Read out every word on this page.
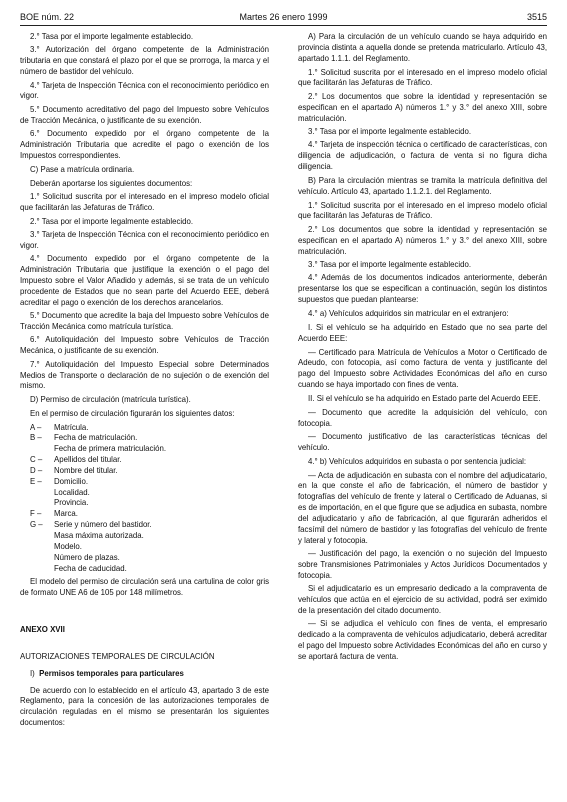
BOE núm. 22	Martes 26 enero 1999	3515

2.° Tasa por el importe legalmente establecido.

3.° Autorización del órgano competente de la Administración tributaria en que constará el plazo por el que se prorroga, la marca y el número de bastidor del vehículo.

4.° Tarjeta de Inspección Técnica con el reconocimiento periódico en vigor.

5.° Documento acreditativo del pago del Impuesto sobre Vehículos de Tracción Mecánica, o justificante de su exención.

6.° Documento expedido por el órgano competente de la Administración Tributaria que acredite el pago o exención de los Impuestos correspondientes.

C) Pase a matrícula ordinaria.

Deberán aportarse los siguientes documentos:

1.° Solicitud suscrita por el interesado en el impreso modelo oficial que facilitarán las Jefaturas de Tráfico.

2.° Tasa por el importe legalmente establecido.

3.° Tarjeta de Inspección Técnica con el reconocimiento periódico en vigor.

4.° Documento expedido por el órgano competente de la Administración Tributaria que justifique la exención o el pago del Impuesto sobre el Valor Añadido y además, si se trata de un vehículo procedente de Estados que no sean parte del Acuerdo EEE, deberá acreditar el pago o exención de los derechos arancelarios.

5.° Documento que acredite la baja del Impuesto sobre Vehículos de Tracción Mecánica como matrícula turística.

6.° Autoliquidación del Impuesto sobre Vehículos de Tracción Mecánica, o justificante de su exención.

7.° Autoliquidación del Impuesto Especial sobre Determinados Medios de Transporte o declaración de no sujeción o de exención del mismo.

D) Permiso de circulación (matrícula turística).

En el permiso de circulación figurarán los siguientes datos:

A –	Matrícula.
B –	Fecha de matriculación.
Fecha de primera matriculación.
C –	Apellidos del titular.
D –	Nombre del titular.
E –	Domicilio.
Localidad.
Provincia.
F –	Marca.
G –	Serie y número del bastidor.
Masa máxima autorizada.
Modelo.
Número de plazas.
Fecha de caducidad.

El modelo del permiso de circulación será una cartulina de color gris de formato UNE A6 de 105 por 148 milímetros.

ANEXO XVII

AUTORIZACIONES TEMPORALES DE CIRCULACIÓN

I) Permisos temporales para particulares

De acuerdo con lo establecido en el artículo 43, apartado 3 de este Reglamento, para la concesión de las autorizaciones temporales de circulación reguladas en el mismo se presentarán los siguientes documentos:

A) Para la circulación de un vehículo cuando se haya adquirido en provincia distinta a aquella donde se pretenda matricularlo. Artículo 43, apartado 1.1.1. del Reglamento.

1.° Solicitud suscrita por el interesado en el impreso modelo oficial que facilitarán las Jefaturas de Tráfico.

2.° Los documentos que sobre la identidad y representación se especifican en el apartado A) números 1.° y 3.° del anexo XIII, sobre matriculación.

3.° Tasa por el importe legalmente establecido.

4.° Tarjeta de inspección técnica o certificado de características, con diligencia de adjudicación, o factura de venta si no figura dicha diligencia.

B) Para la circulación mientras se tramita la matrícula definitiva del vehículo. Artículo 43, apartado 1.1.2.1. del Reglamento.

1.° Solicitud suscrita por el interesado en el impreso modelo oficial que facilitarán las Jefaturas de Tráfico.

2.° Los documentos que sobre la identidad y representación se especifican en el apartado A) números 1.° y 3.° del anexo XIII, sobre matriculación.

3.° Tasa por el importe legalmente establecido.

4.° Además de los documentos indicados anteriormente, deberán presentarse los que se especifican a continuación, según los distintos supuestos que puedan plantearse:

4.° a) Vehículos adquiridos sin matricular en el extranjero:

I. Si el vehículo se ha adquirido en Estado que no sea parte del Acuerdo EEE:

— Certificado para Matrícula de Vehículos a Motor o Certificado de Adeudo, con fotocopia, así como factura de venta y justificante del pago del Impuesto sobre Actividades Económicas del año en curso cuando se haya importado con fines de venta.

II. Si el vehículo se ha adquirido en Estado parte del Acuerdo EEE.

— Documento que acredite la adquisición del vehículo, con fotocopia.

— Documento justificativo de las características técnicas del vehículo.

4.° b) Vehículos adquiridos en subasta o por sentencia judicial:

— Acta de adjudicación en subasta con el nombre del adjudicatario, en la que conste el año de fabricación, el número de bastidor y fotografías del vehículo de frente y lateral o Certificado de Aduanas, si es de importación, en el que figure que se adjudica en subasta, nombre del adjudicatario y año de fabricación, al que figurarán adheridos el facsímil del número de bastidor y las fotografías del vehículo de frente y lateral y fotocopia.

— Justificación del pago, la exención o no sujeción del Impuesto sobre Transmisiones Patrimoniales y Actos Jurídicos Documentados y fotocopia.

Si el adjudicatario es un empresario dedicado a la compraventa de vehículos que actúa en el ejercicio de su actividad, podrá ser eximido de la presentación del citado documento.

— Si se adjudica el vehículo con fines de venta, el empresario dedicado a la compraventa de vehículos adjudicatario, deberá acreditar el pago del Impuesto sobre Actividades Económicas del año en curso y se aportará factura de venta.
